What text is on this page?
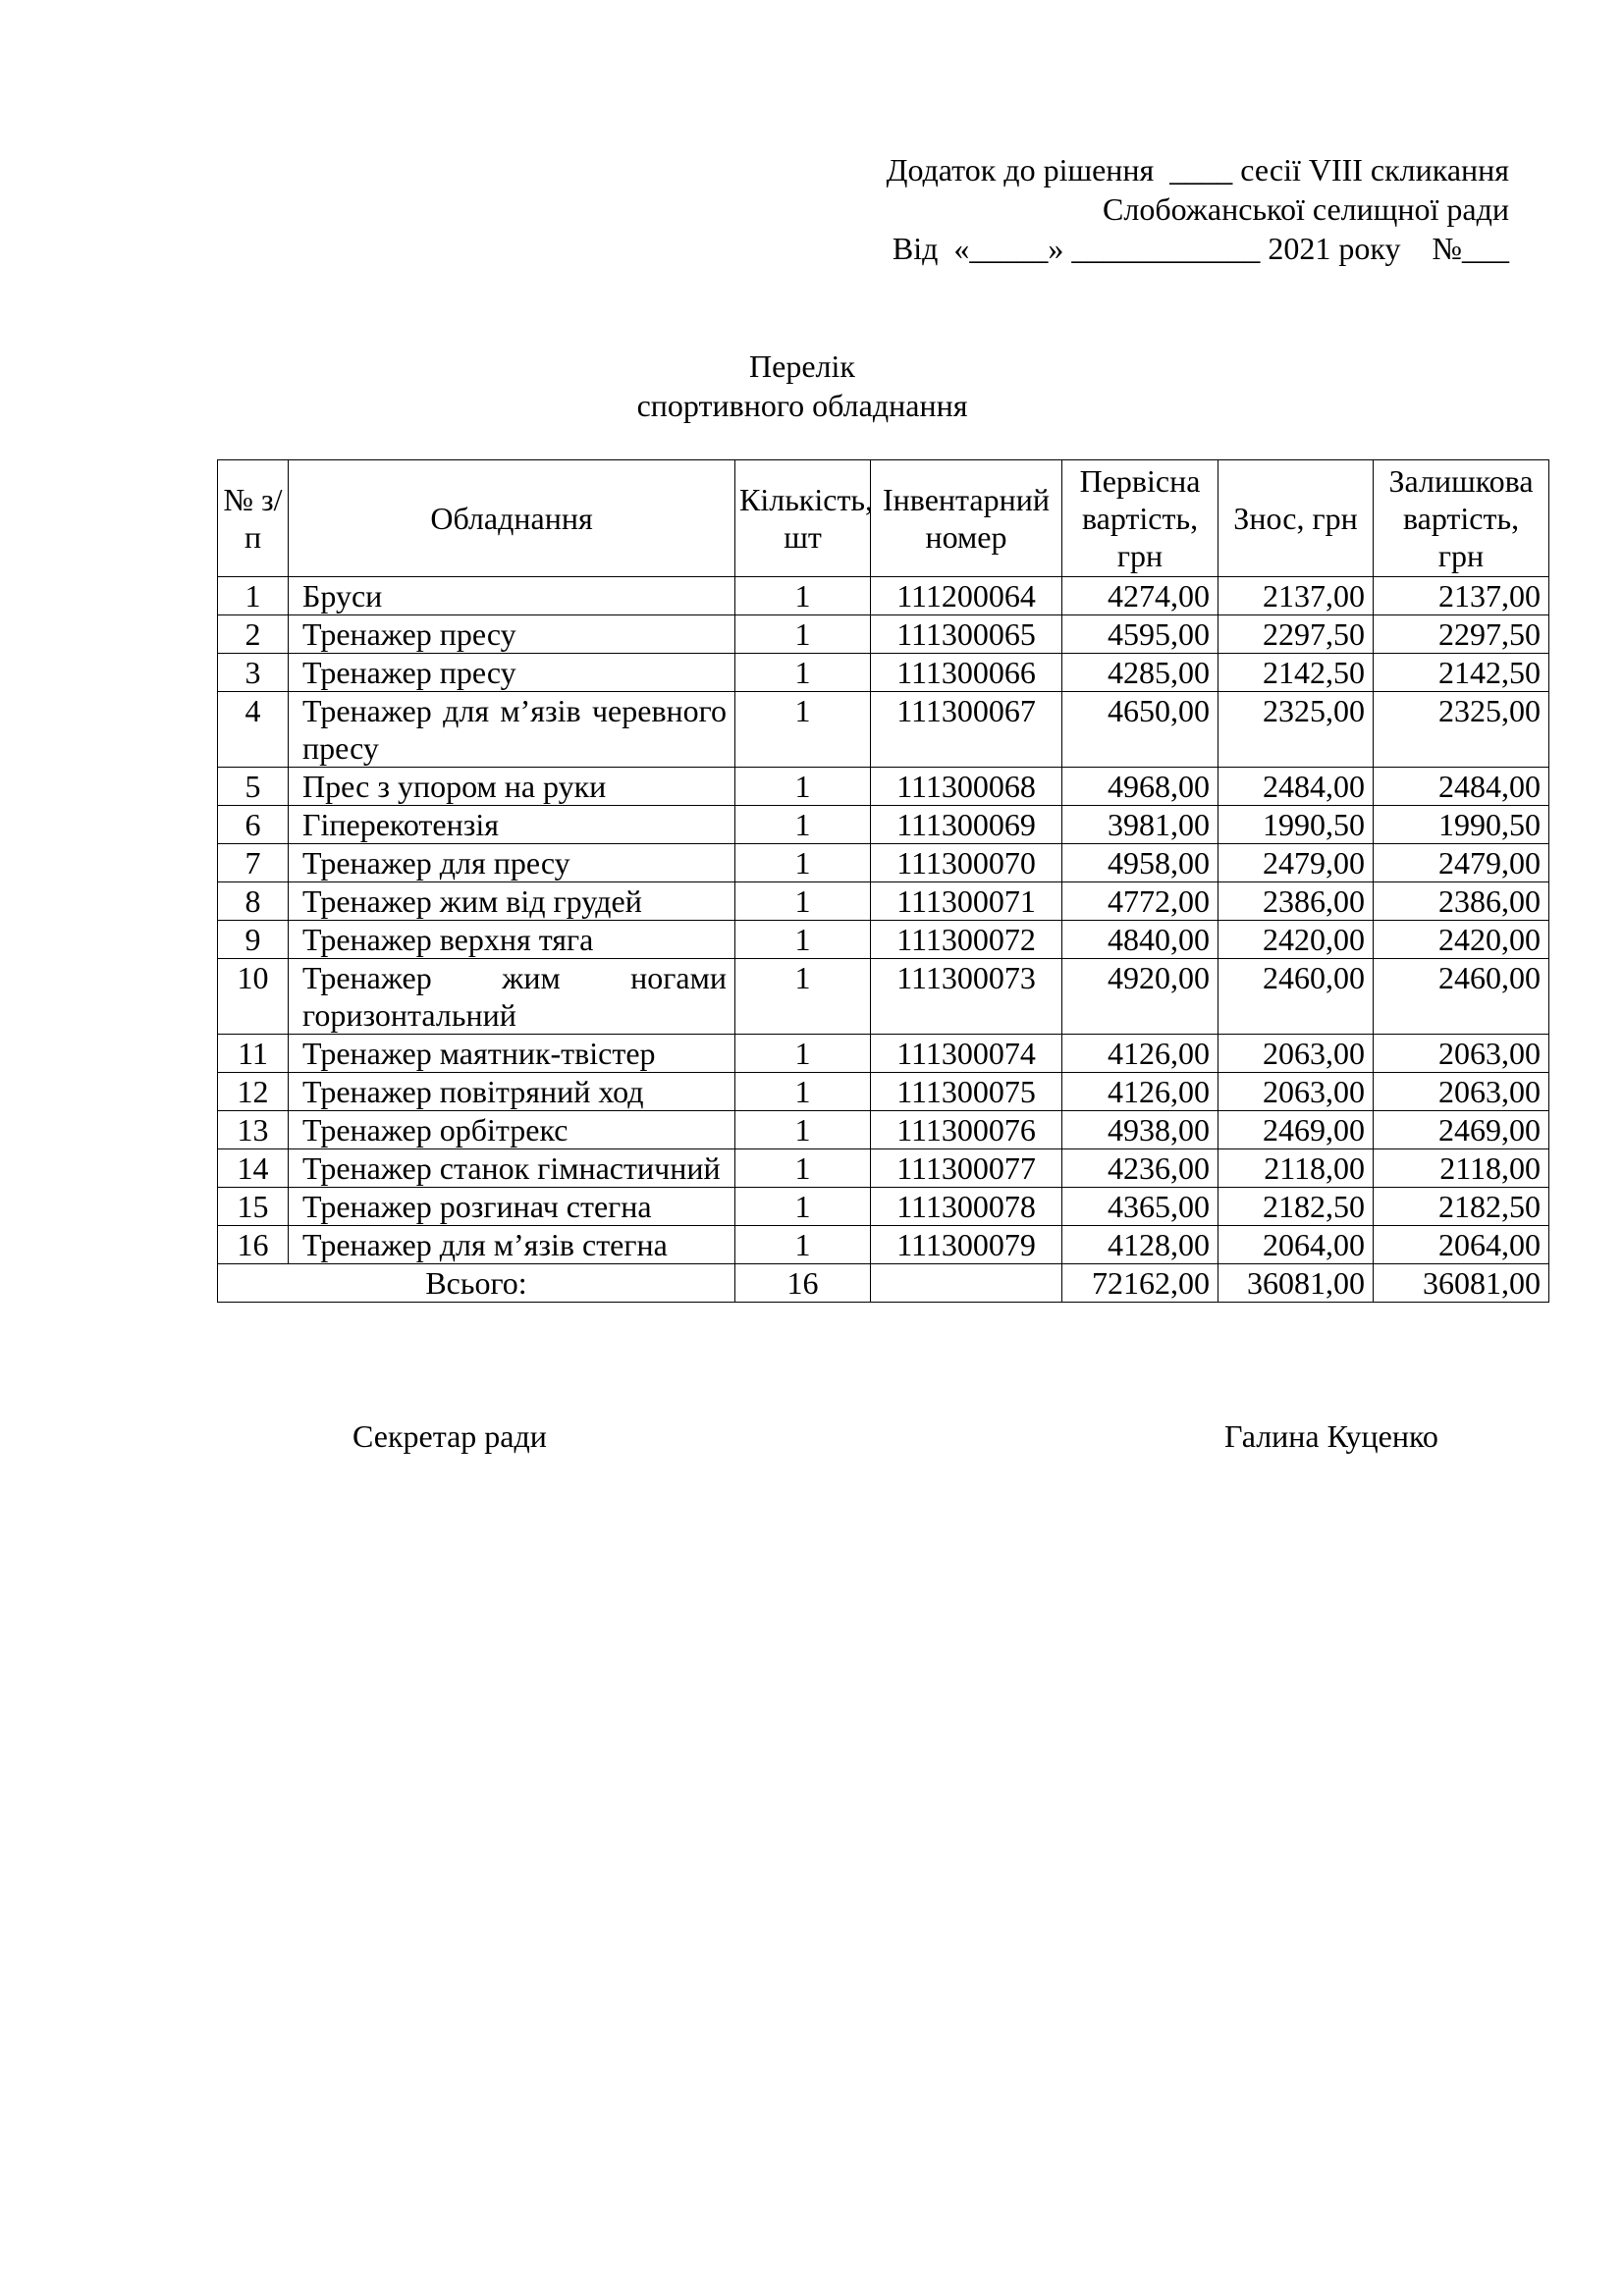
Додаток до рішення  ____ сесії VIII скликання
Слобожанської селищної ради
Від  «_____» ____________ 2021 року    №___
Перелік
спортивного обладнання
№ з/п	Обладнання	Кількість, шт	Інвентарний номер	Первісна вартість, грн	Знос, грн	Залишкова вартість, грн
1	Бруси	1	111200064	4274,00	2137,00	2137,00
2	Тренажер пресу	1	111300065	4595,00	2297,50	2297,50
3	Тренажер пресу	1	111300066	4285,00	2142,50	2142,50
4	Тренажер для м’язів черевного пресу	1	111300067	4650,00	2325,00	2325,00
5	Прес з упором на руки	1	111300068	4968,00	2484,00	2484,00
6	Гіперекотензія	1	111300069	3981,00	1990,50	1990,50
7	Тренажер для пресу	1	111300070	4958,00	2479,00	2479,00
8	Тренажер жим від грудей	1	111300071	4772,00	2386,00	2386,00
9	Тренажер верхня тяга	1	111300072	4840,00	2420,00	2420,00
10	Тренажер жим ногами горизонтальний	1	111300073	4920,00	2460,00	2460,00
11	Тренажер маятник-твістер	1	111300074	4126,00	2063,00	2063,00
12	Тренажер повітряний ход	1	111300075	4126,00	2063,00	2063,00
13	Тренажер орбітрекс	1	111300076	4938,00	2469,00	2469,00
14	Тренажер станок гімнастичний	1	111300077	4236,00	2118,00	2118,00
15	Тренажер розгинач стегна	1	111300078	4365,00	2182,50	2182,50
16	Тренажер для м’язів стегна	1	111300079	4128,00	2064,00	2064,00
Всього:		16		72162,00	36081,00	36081,00
Секретар ради	Галина Куценко
